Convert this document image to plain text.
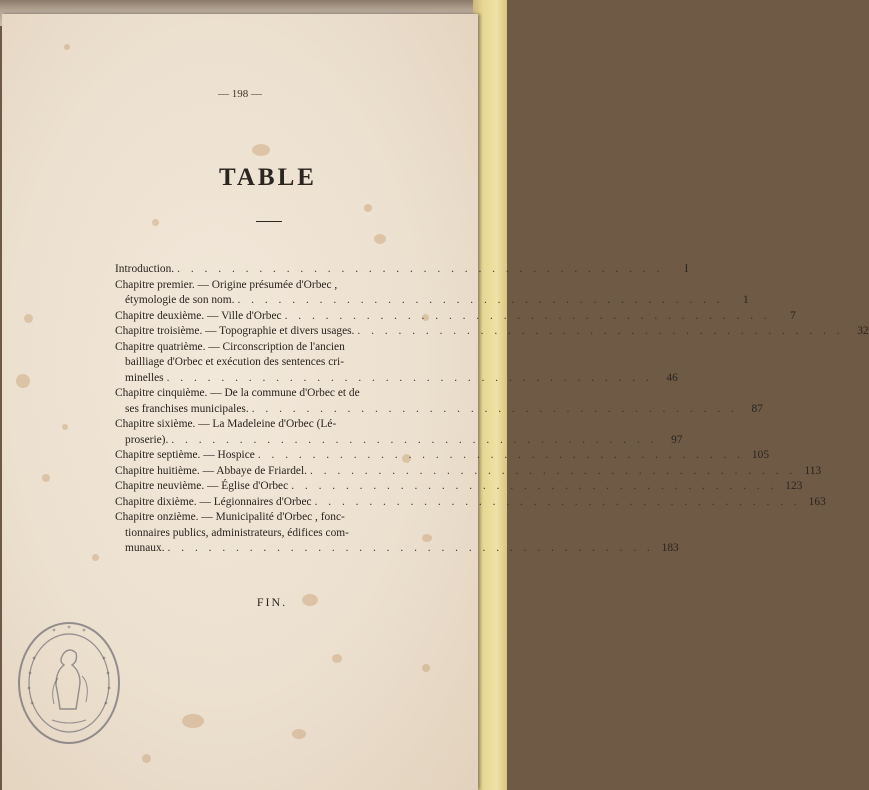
— 198 —
TABLE
Introduction. . . . . . . . . . . . . . . . . . . . . . . . . . . . . . . . . . . . .	I
Chapitre premier. — Origine présumée d'Orbec ,
étymologie de son nom. . . . . . . . . . . . . . . . . . . . . . . . . . . . . . . . . . . . .	1
Chapitre deuxième. — Ville d'Orbec . . . . . . . . . . . . . . . . . . . . . . . . . . . . . . . . . . . .	7
Chapitre troisième. — Topographie et divers usages. . . . . . . . . . . . . . . . . . . . . . . . . . . . . . . . . . . . .	32
Chapitre quatrième. — Circonscription de l'ancien
bailliage d'Orbec et exécution des sentences cri-
minelles . . . . . . . . . . . . . . . . . . . . . . . . . . . . . . . . . . . .	46
Chapitre cinquième. — De la commune d'Orbec et de
ses franchises municipales. . . . . . . . . . . . . . . . . . . . . . . . . . . . . . . . . . . . .	87
Chapitre sixième. — La Madeleine d'Orbec (Lé-
proserie). . . . . . . . . . . . . . . . . . . . . . . . . . . . . . . . . . . . .	97
Chapitre septième. — Hospice . . . . . . . . . . . . . . . . . . . . . . . . . . . . . . . . . . . . 105
Chapitre huitième. — Abbaye de Friardel. . . . . . . . . . . . . . . . . . . . . . . . . . . . . . . . . . . . . 113
Chapitre neuvième. — Église d'Orbec . . . . . . . . . . . . . . . . . . . . . . . . . . . . . . . . . . . . 123
Chapitre dixième. — Légionnaires d'Orbec . . . . . . . . . . . . . . . . . . . . . . . . . . . . . . . . . . . . 163
Chapitre onzième. — Municipalité d'Orbec , fonc-
tionnaires publics, administrateurs, édifices com-
munaux. . . . . . . . . . . . . . . . . . . . . . . . . . . . . . . . . . . . . 183
FIN.
